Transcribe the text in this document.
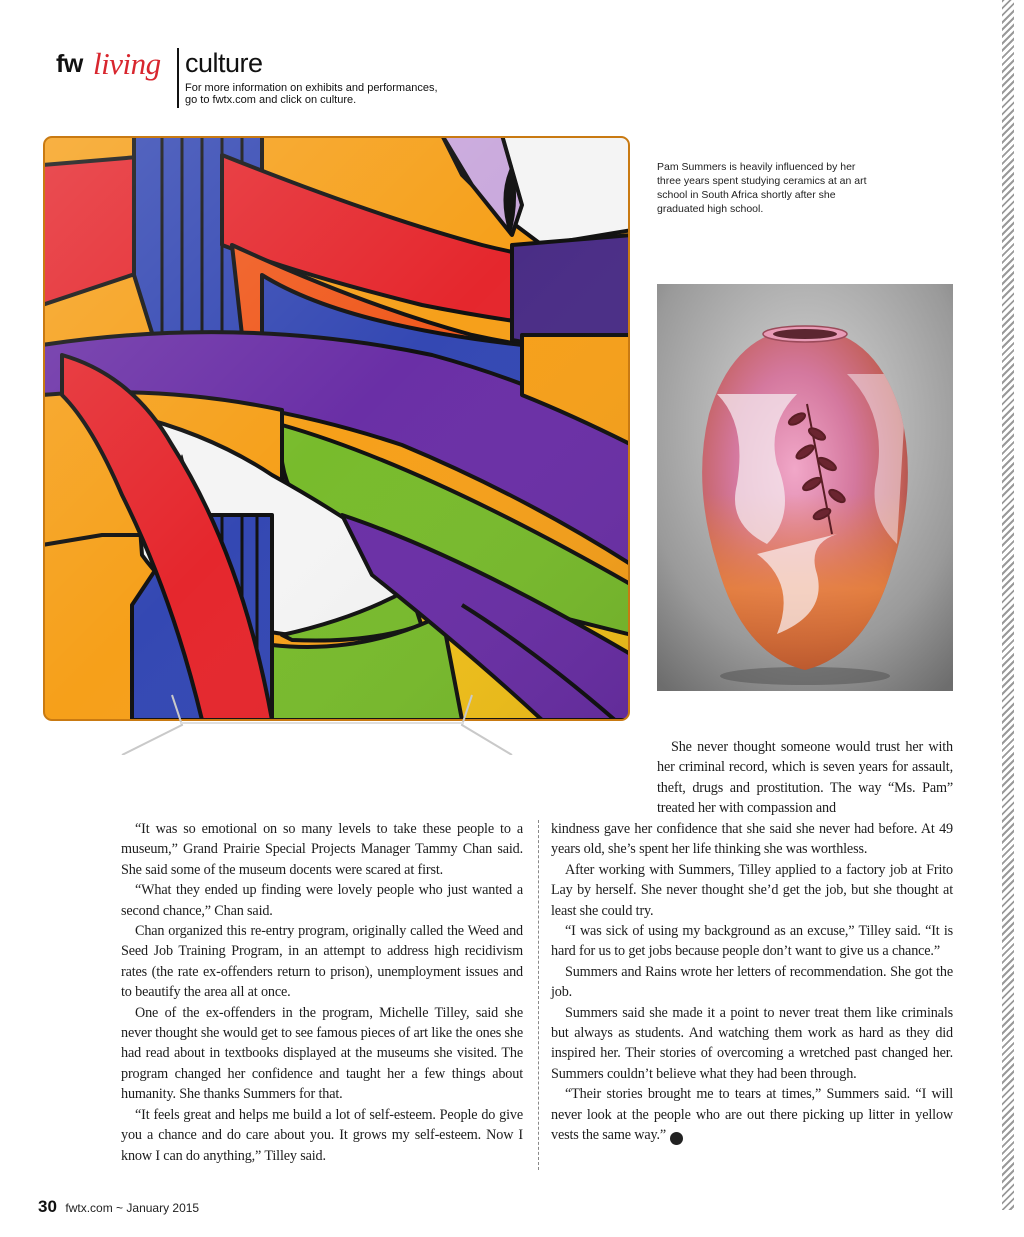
fw living culture
For more information on exhibits and performances,
go to fwtx.com and click on culture.
Pam Summers is heavily influenced by her three years spent studying ceramics at an art school in South Africa shortly after she graduated high school.

She never thought someone would trust her with her criminal record, which is seven years for assault, theft, drugs and prostitution. The way “Ms. Pam” treated her with compassion and

“It was so emotional on so many levels to take these people to a museum,” Grand Prairie Special Projects Manager Tammy Chan said. She said some of the museum docents were scared at first.

“What they ended up finding were lovely people who just wanted a second chance,” Chan said.

Chan organized this re-entry program, originally called the Weed and Seed Job Training Program, in an attempt to address high recidivism rates (the rate ex-offenders return to prison), unemployment issues and to beautify the area all at once.

One of the ex-offenders in the program, Michelle Tilley, said she never thought she would get to see famous pieces of art like the ones she had read about in textbooks displayed at the museums she visited. The program changed her confidence and taught her a few things about humanity. She thanks Summers for that.

“It feels great and helps me build a lot of self-esteem. People do give you a chance and do care about you. It grows my self-esteem. Now I know I can do anything,” Tilley said.

kindness gave her confidence that she said she never had before. At 49 years old, she’s spent her life thinking she was worthless.

After working with Summers, Tilley applied to a factory job at Frito Lay by herself. She never thought she’d get the job, but she thought at least she could try.

“I was sick of using my background as an excuse,” Tilley said. “It is hard for us to get jobs because people don’t want to give us a chance.”

Summers and Rains wrote her letters of recommendation. She got the job.

Summers said she made it a point to never treat them like criminals but always as students. And watching them work as hard as they did inspired her. Their stories of overcoming a wretched past changed her. Summers couldn’t believe what they had been through.

“Their stories brought me to tears at times,” Summers said. “I will never look at the people who are out there picking up litter in yellow vests the same way.”	fw

30 fwtx.com ~ January 2015
